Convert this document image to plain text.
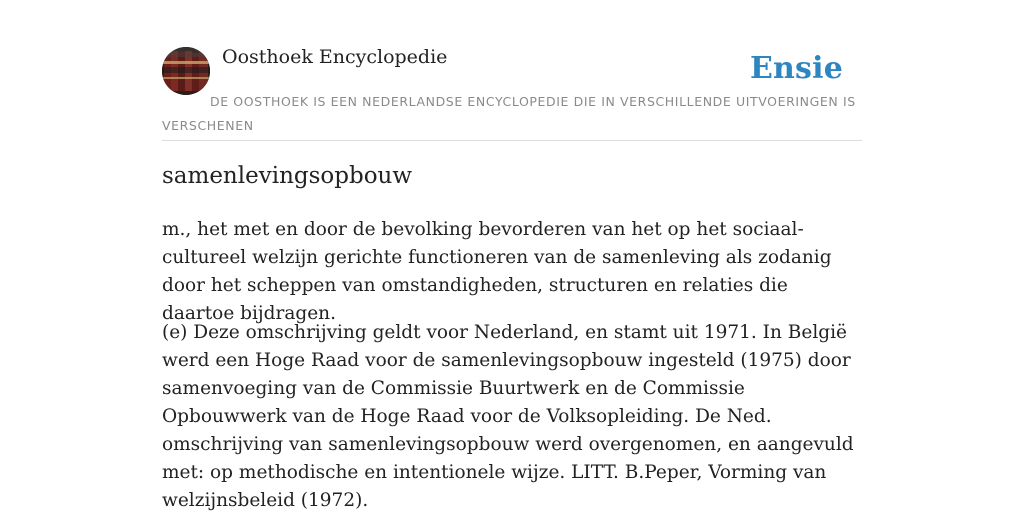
Oosthoek Encyclopedie	Ensie
DE OOSTHOEK IS EEN NEDERLANDSE ENCYCLOPEDIE DIE IN VERSCHILLENDE UITVOERINGEN IS VERSCHENEN
samenlevingsopbouw

m., het met en door de bevolking bevorderen van het op het sociaal-cultureel welzijn gerichte functioneren van de samenleving als zodanig door het scheppen van omstandigheden, structuren en relaties die daartoe bijdragen.

(e) Deze omschrijving geldt voor Nederland, en stamt uit 1971. In België werd een Hoge Raad voor de samenlevingsopbouw ingesteld (1975) door samenvoeging van de Commissie Buurtwerk en de Commissie Opbouwwerk van de Hoge Raad voor de Volksopleiding. De Ned. omschrijving van samenlevingsopbouw werd overgenomen, en aangevuld met: op methodische en intentionele wijze. LITT. B.Peper, Vorming van welzijnsbeleid (1972).
